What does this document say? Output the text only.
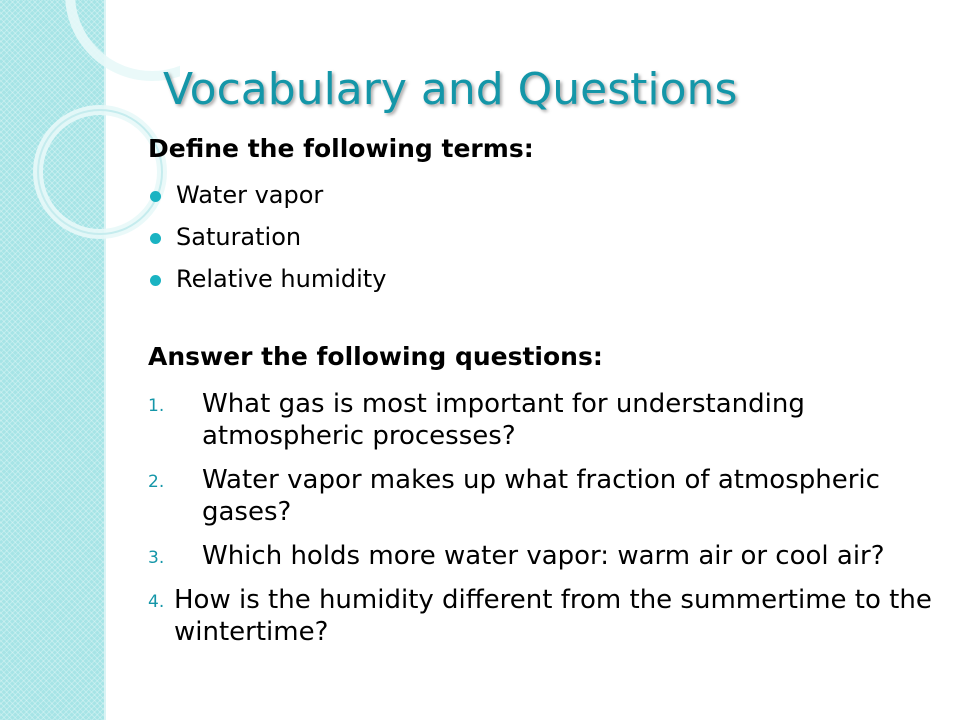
Vocabulary and Questions
Define the following terms:
Water vapor
Saturation
Relative humidity
Answer the following questions:
1.	What gas is most important for understanding atmospheric processes?
2.	Water vapor makes up what fraction of atmospheric gases?
3.	Which holds more water vapor: warm air or cool air?
4. How is the humidity different from the summertime to the wintertime?
